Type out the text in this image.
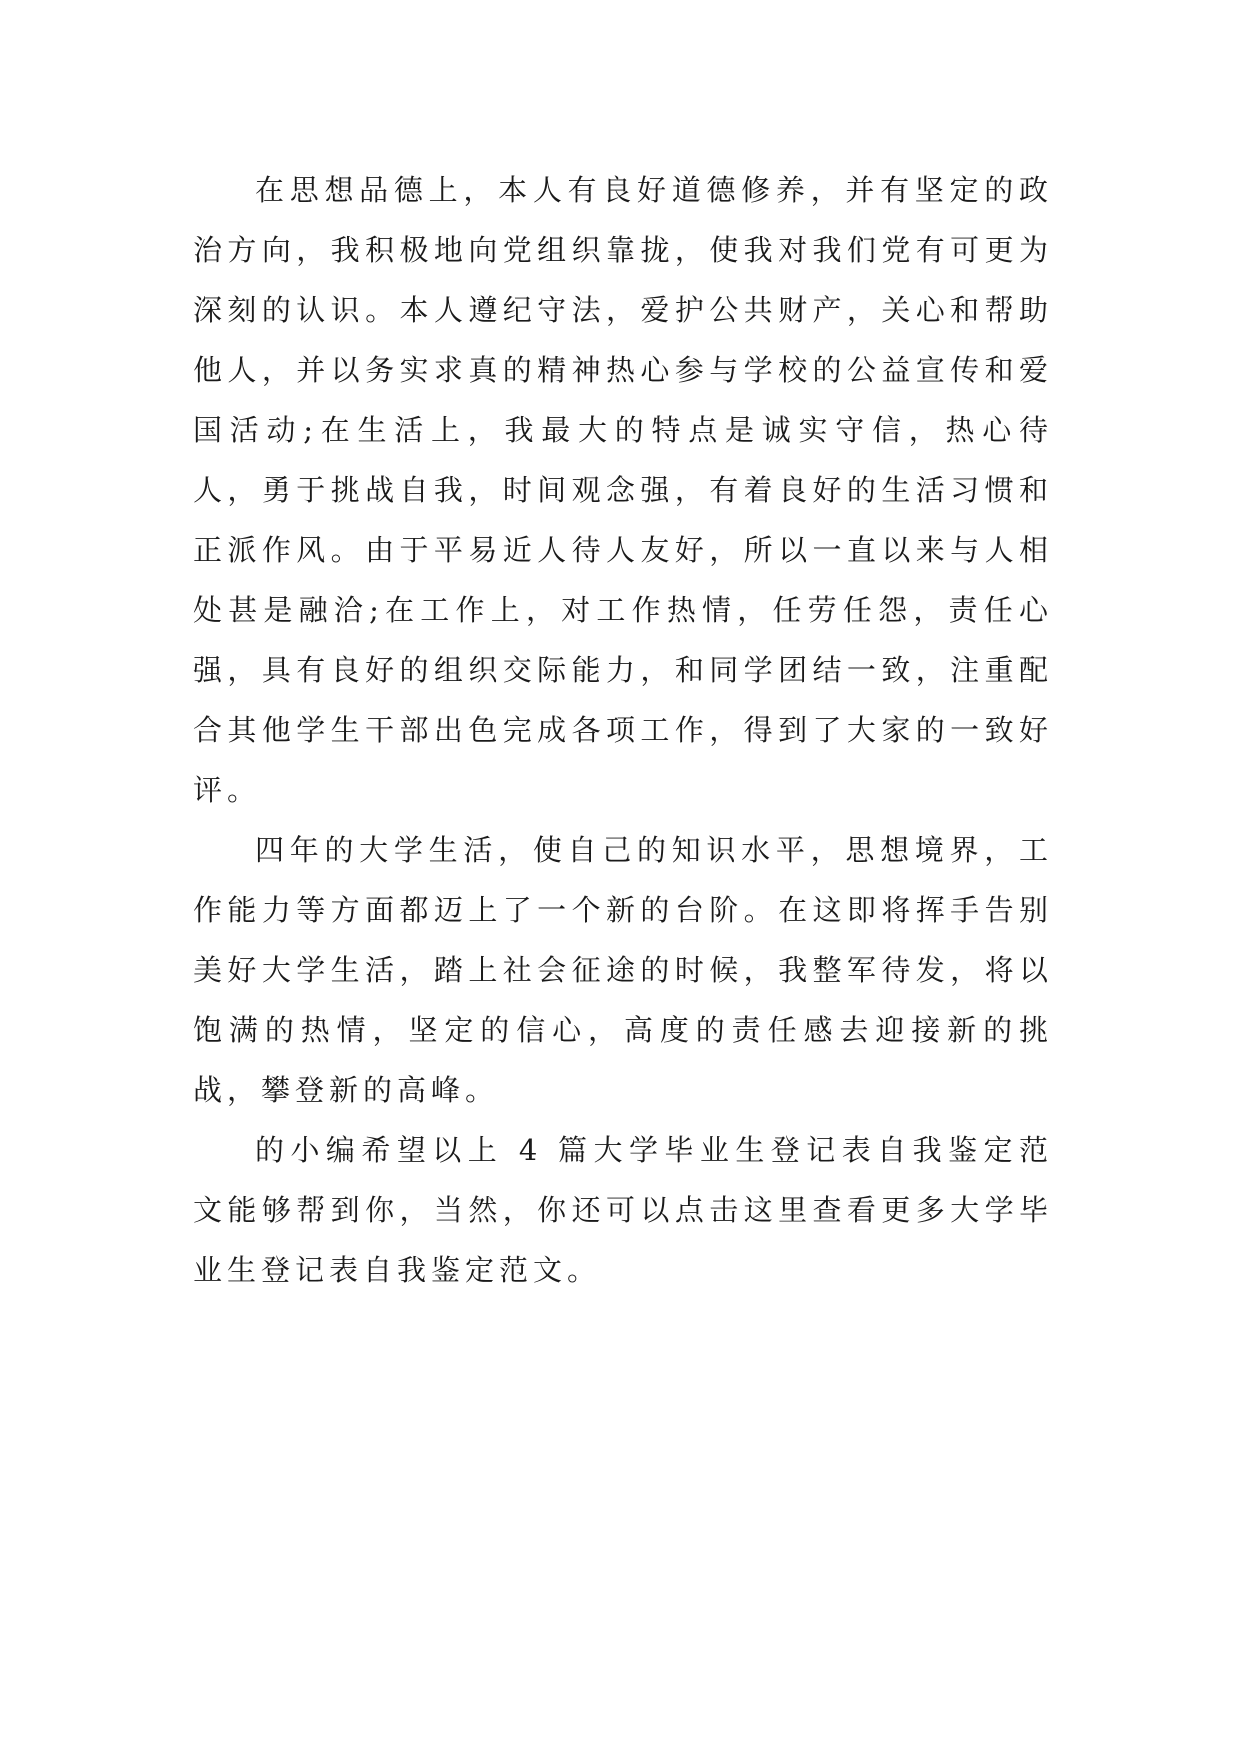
在思想品德上，本人有良好道德修养，并有坚定的政治方向，我积极地向党组织靠拢，使我对我们党有可更为深刻的认识。本人遵纪守法，爱护公共财产，关心和帮助他人，并以务实求真的精神热心参与学校的公益宣传和爱国活动;在生活上，我最大的特点是诚实守信，热心待人，勇于挑战自我，时间观念强，有着良好的生活习惯和正派作风。由于平易近人待人友好，所以一直以来与人相处甚是融洽;在工作上，对工作热情，任劳任怨，责任心强，具有良好的组织交际能力，和同学团结一致，注重配合其他学生干部出色完成各项工作，得到了大家的一致好评。

四年的大学生活，使自己的知识水平，思想境界，工作能力等方面都迈上了一个新的台阶。在这即将挥手告别美好大学生活，踏上社会征途的时候，我整军待发，将以饱满的热情，坚定的信心，高度的责任感去迎接新的挑战，攀登新的高峰。

的小编希望以上 4 篇大学毕业生登记表自我鉴定范文能够帮到你，当然，你还可以点击这里查看更多大学毕业生登记表自我鉴定范文。
